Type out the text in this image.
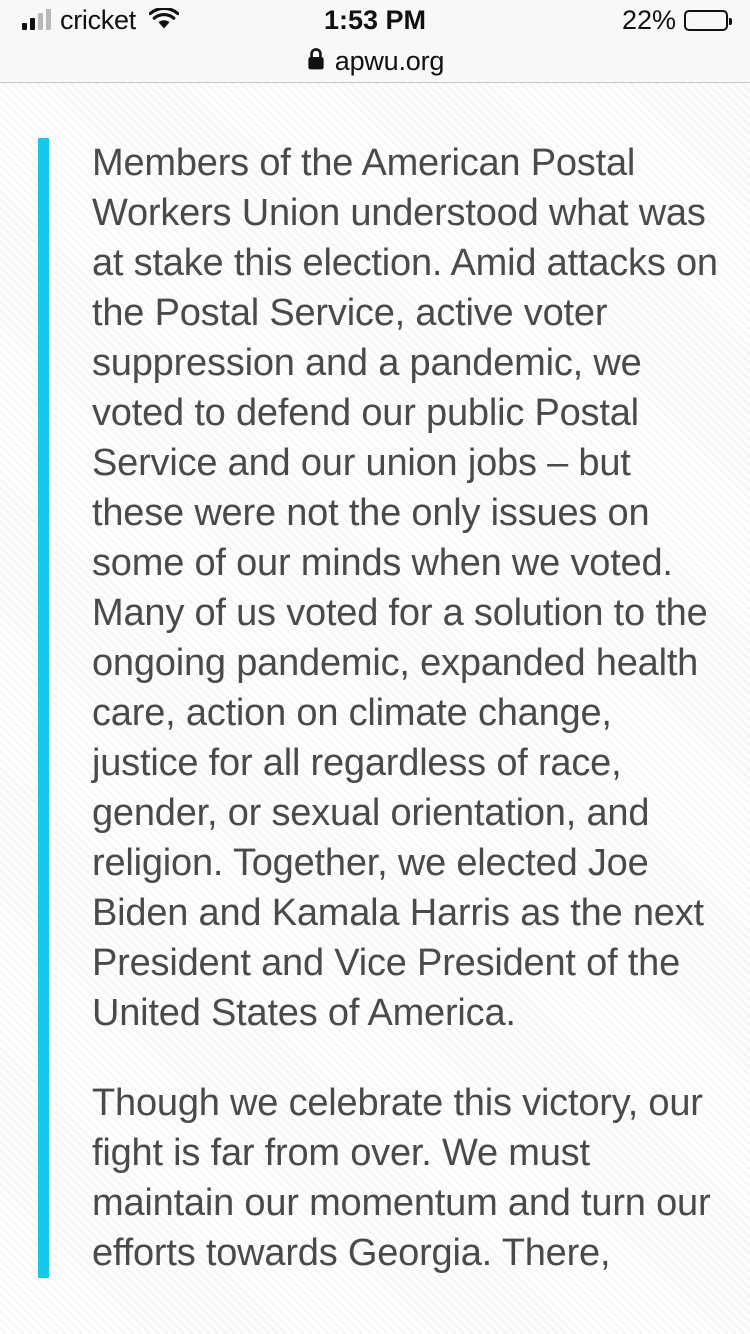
cricket	1:53 PM	22%
apwu.org

Members of the American Postal Workers Union understood what was at stake this election. Amid attacks on the Postal Service, active voter suppression and a pandemic, we voted to defend our public Postal Service and our union jobs – but these were not the only issues on some of our minds when we voted. Many of us voted for a solution to the ongoing pandemic, expanded health care, action on climate change, justice for all regardless of race, gender, or sexual orientation, and religion. Together, we elected Joe Biden and Kamala Harris as the next President and Vice President of the United States of America.

Though we celebrate this victory, our fight is far from over. We must maintain our momentum and turn our efforts towards Georgia. There,
